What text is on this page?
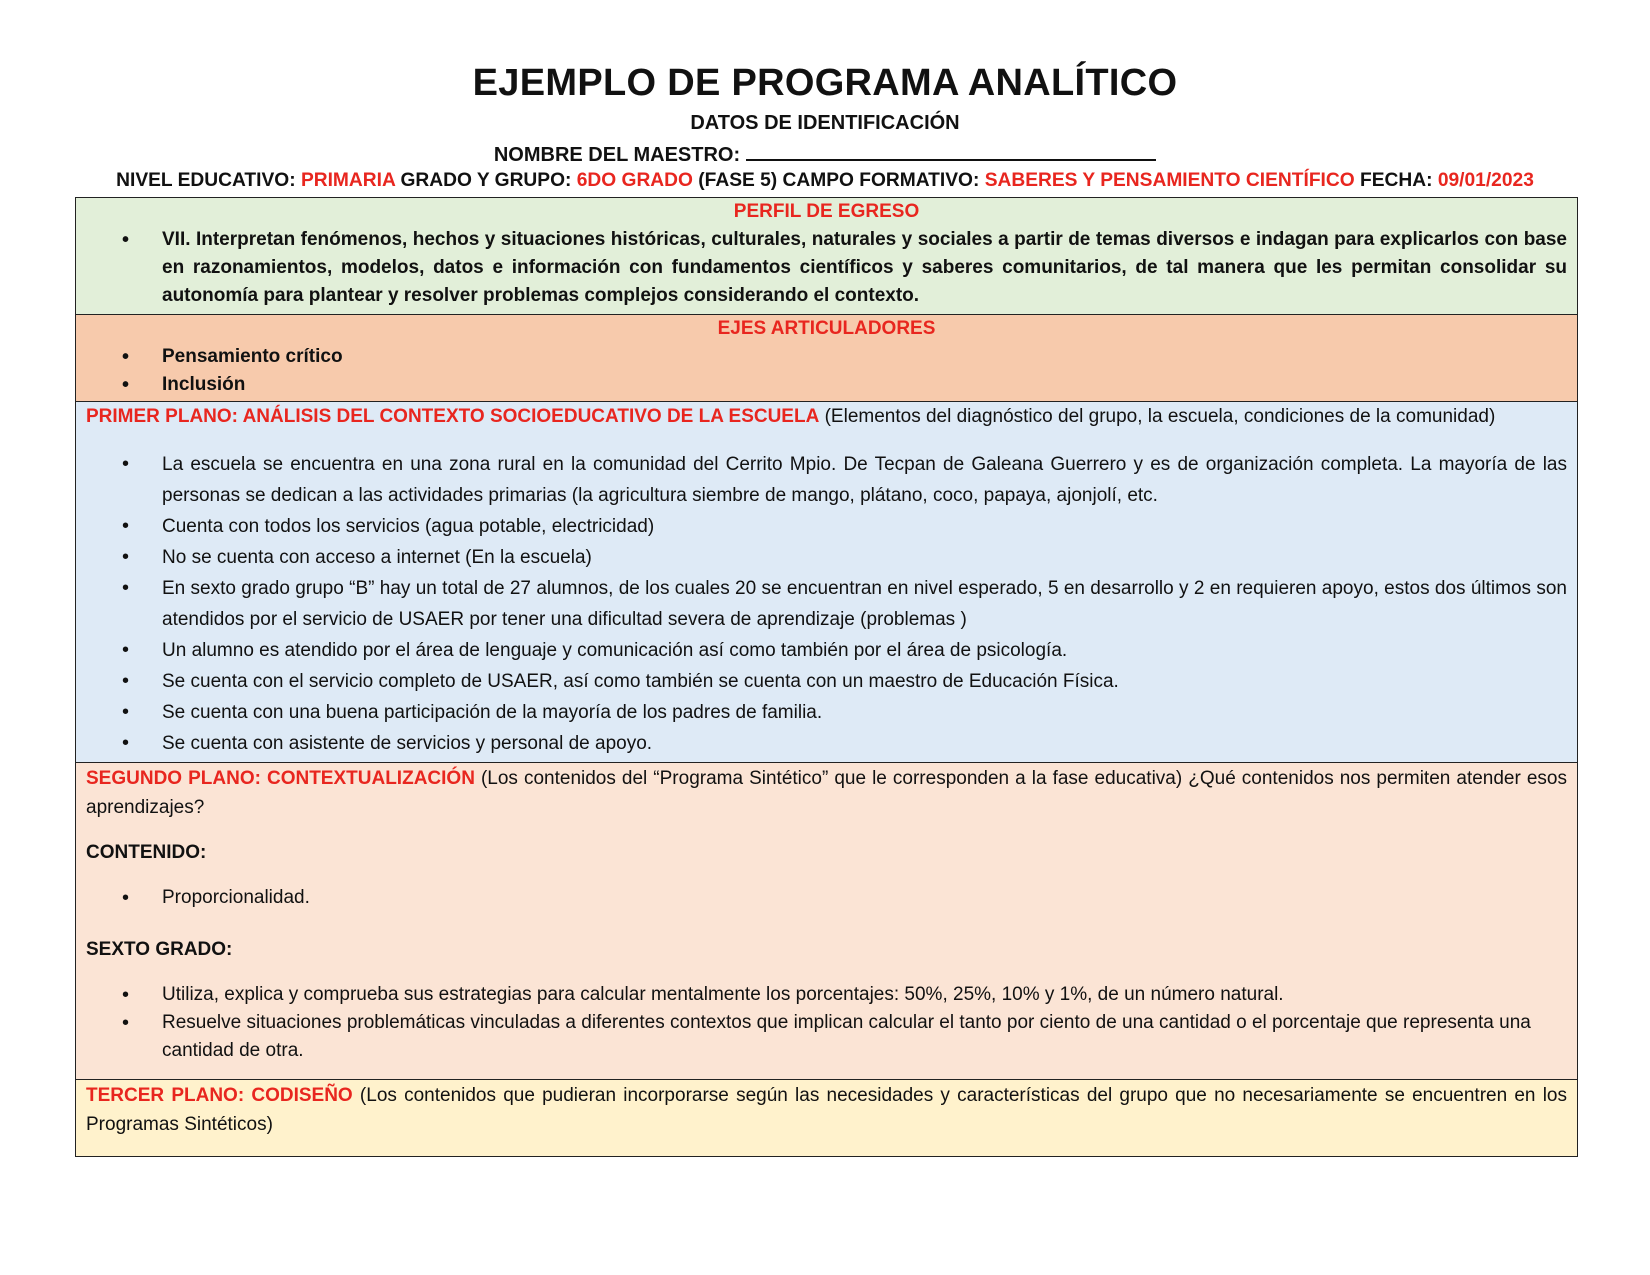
EJEMPLO DE PROGRAMA ANALÍTICO
DATOS DE IDENTIFICACIÓN
NOMBRE DEL MAESTRO:
NIVEL EDUCATIVO: PRIMARIA GRADO Y GRUPO: 6DO GRADO (FASE 5) CAMPO FORMATIVO: SABERES Y PENSAMIENTO CIENTÍFICO FECHA: 09/01/2023
PERFIL DE EGRESO
• VII. Interpretan fenómenos, hechos y situaciones históricas, culturales, naturales y sociales a partir de temas diversos e indagan para explicarlos con base en razonamientos, modelos, datos e información con fundamentos científicos y saberes comunitarios, de tal manera que les permitan consolidar su autonomía para plantear y resolver problemas complejos considerando el contexto.
EJES ARTICULADORES
• Pensamiento crítico
• Inclusión
PRIMER PLANO: ANÁLISIS DEL CONTEXTO SOCIOEDUCATIVO DE LA ESCUELA (Elementos del diagnóstico del grupo, la escuela, condiciones de la comunidad)
• La escuela se encuentra en una zona rural en la comunidad del Cerrito Mpio. De Tecpan de Galeana Guerrero y es de organización completa. La mayoría de las personas se dedican a las actividades primarias (la agricultura siembre de mango, plátano, coco, papaya, ajonjolí, etc.
• Cuenta con todos los servicios (agua potable, electricidad)
• No se cuenta con acceso a internet (En la escuela)
• En sexto grado grupo “B” hay un total de 27 alumnos, de los cuales 20 se encuentran en nivel esperado, 5 en desarrollo y 2 en requieren apoyo, estos dos últimos son atendidos por el servicio de USAER por tener una dificultad severa de aprendizaje (problemas )
• Un alumno es atendido por el área de lenguaje y comunicación así como también por el área de psicología.
• Se cuenta con el servicio completo de USAER, así como también se cuenta con un maestro de Educación Física.
• Se cuenta con una buena participación de la mayoría de los padres de familia.
• Se cuenta con asistente de servicios y personal de apoyo.
SEGUNDO PLANO: CONTEXTUALIZACIÓN (Los contenidos del “Programa Sintético” que le corresponden a la fase educativa) ¿Qué contenidos nos permiten atender esos aprendizajes?
CONTENIDO:
• Proporcionalidad.
SEXTO GRADO:
• Utiliza, explica y comprueba sus estrategias para calcular mentalmente los porcentajes: 50%, 25%, 10% y 1%, de un número natural.
• Resuelve situaciones problemáticas vinculadas a diferentes contextos que implican calcular el tanto por ciento de una cantidad o el porcentaje que representa una cantidad de otra.
TERCER PLANO: CODISEÑO (Los contenidos que pudieran incorporarse según las necesidades y características del grupo que no necesariamente se encuentren en los Programas Sintéticos)
